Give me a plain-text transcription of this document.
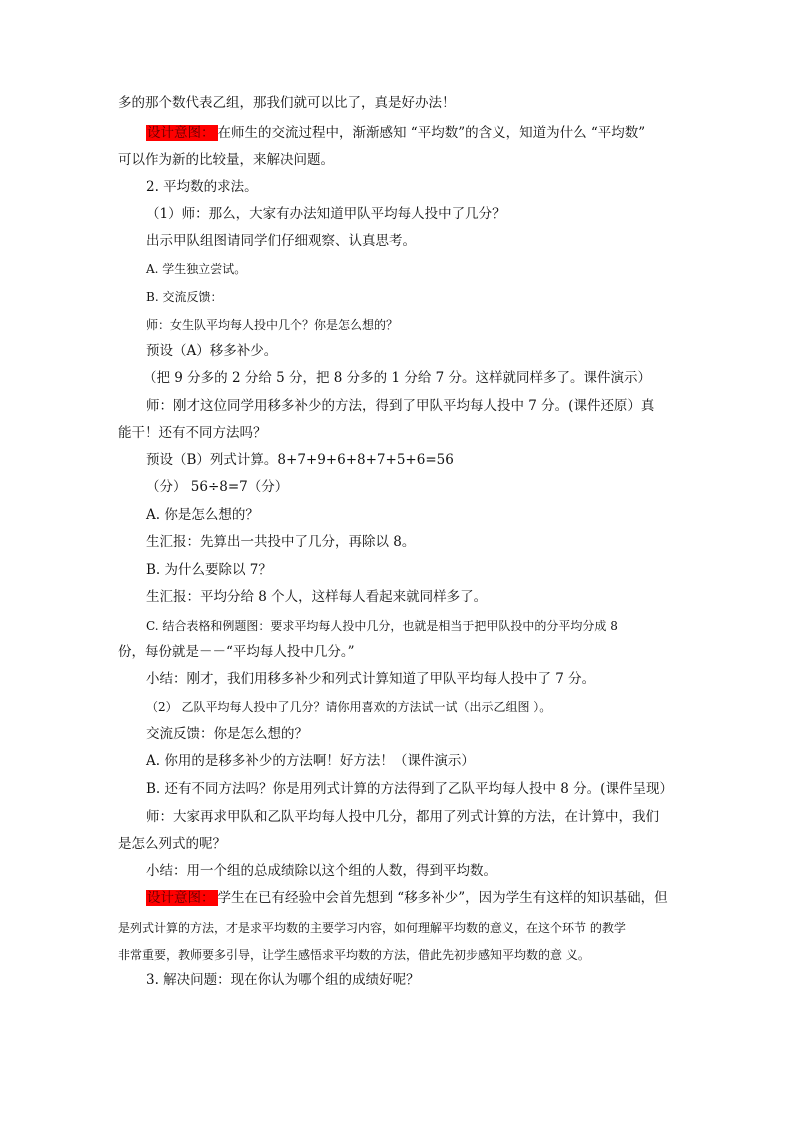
多的那个数代表乙组，那我们就可以比了，真是好办法！
设计意图： 在师生的交流过程中，渐渐感知 “平均数”的含义，知道为什么 “平均数”
可以作为新的比较量，来解决问题。
2. 平均数的求法。
（1）师：那么，大家有办法知道甲队平均每人投中了几分？
出示甲队组图请同学们仔细观察、认真思考。
A. 学生独立尝试。
B. 交流反馈：
师：女生队平均每人投中几个？你是怎么想的？
预设（A）移多补少。
（把 9 分多的 2 分给 5 分，把 8 分多的 1 分给 7 分。这样就同样多了。课件演示）
师：刚才这位同学用移多补少的方法，得到了甲队平均每人投中 7 分。(课件还原）真
能干！还有不同方法吗？
预设（B）列式计算。8+7+9+6+8+7+5+6=56
（分） 56÷8=7（分）
A. 你是怎么想的？
生汇报：先算出一共投中了几分，再除以 8。
B. 为什么要除以 7？
生汇报：平均分给 8 个人，这样每人看起来就同样多了。
C. 结合表格和例题图：要求平均每人投中几分，也就是相当于把甲队投中的分平均分成 8
份，每份就是－－“平均每人投中几分。”
小结：刚才，我们用移多补少和列式计算知道了甲队平均每人投中了 7 分。
（2） 乙队平均每人投中了几分？请你用喜欢的方法试一试（出示乙组图 ）。
交流反馈：你是怎么想的？
A. 你用的是移多补少的方法啊！好方法！（课件演示）
B. 还有不同方法吗？你是用列式计算的方法得到了乙队平均每人投中 8 分。(课件呈现）
师：大家再求甲队和乙队平均每人投中几分，都用了列式计算的方法，在计算中，我们
是怎么列式的呢？
小结：用一个组的总成绩除以这个组的人数，得到平均数。
设计意图： 学生在已有经验中会首先想到 “移多补少”，因为学生有这样的知识基础，但
是列式计算的方法，才是求平均数的主要学习内容，如何理解平均数的意义，在这个环节 的教学
非常重要，教师要多引导，让学生感悟求平均数的方法，借此先初步感知平均数的意 义。
3. 解决问题：现在你认为哪个组的成绩好呢？
